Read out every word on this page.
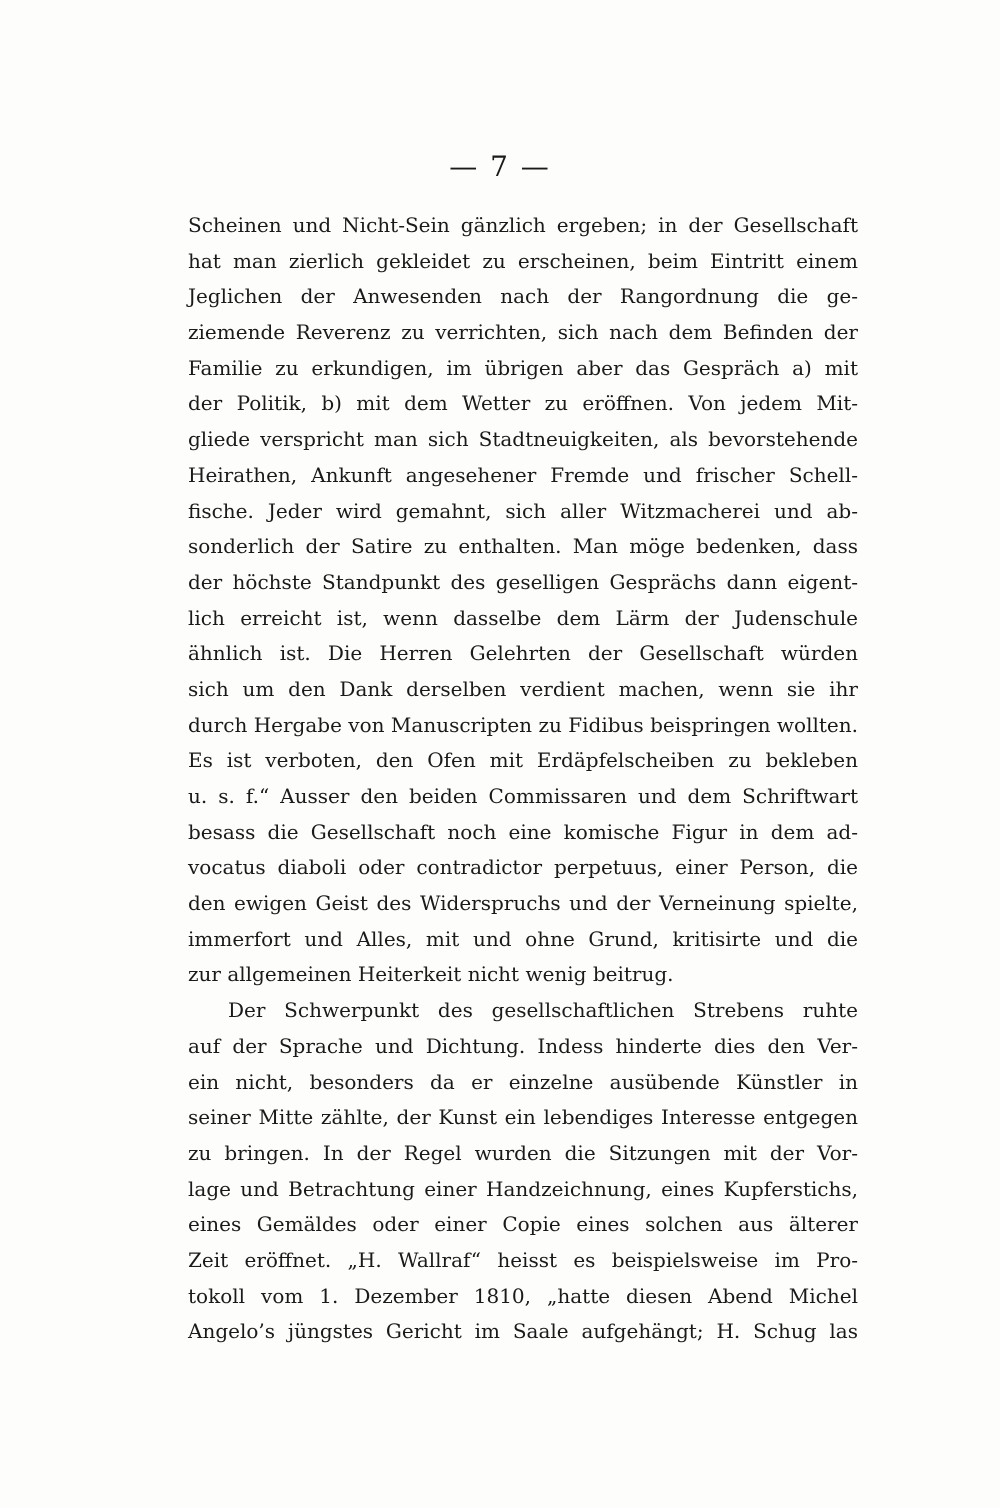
— 7 —
Scheinen und Nicht-Sein gänzlich ergeben; in der Gesellschaft
hat man zierlich gekleidet zu erscheinen, beim Eintritt einem
Jeglichen der Anwesenden nach der Rangordnung die ge-
ziemende Reverenz zu verrichten, sich nach dem Befinden der
Familie zu erkundigen, im übrigen aber das Gespräch a) mit
der Politik, b) mit dem Wetter zu eröffnen. Von jedem Mit-
gliede verspricht man sich Stadtneuigkeiten, als bevorstehende
Heirathen, Ankunft angesehener Fremde und frischer Schell-
fische. Jeder wird gemahnt, sich aller Witzmacherei und ab-
sonderlich der Satire zu enthalten. Man möge bedenken, dass
der höchste Standpunkt des geselligen Gesprächs dann eigent-
lich erreicht ist, wenn dasselbe dem Lärm der Judenschule
ähnlich ist. Die Herren Gelehrten der Gesellschaft würden
sich um den Dank derselben verdient machen, wenn sie ihr
durch Hergabe von Manuscripten zu Fidibus beispringen wollten.
Es ist verboten, den Ofen mit Erdäpfelscheiben zu bekleben
u. s. f.“ Ausser den beiden Commissaren und dem Schriftwart
besass die Gesellschaft noch eine komische Figur in dem ad-
vocatus diaboli oder contradictor perpetuus, einer Person, die
den ewigen Geist des Widerspruchs und der Verneinung spielte,
immerfort und Alles, mit und ohne Grund, kritisirte und die
zur allgemeinen Heiterkeit nicht wenig beitrug.
Der Schwerpunkt des gesellschaftlichen Strebens ruhte
auf der Sprache und Dichtung. Indess hinderte dies den Ver-
ein nicht, besonders da er einzelne ausübende Künstler in
seiner Mitte zählte, der Kunst ein lebendiges Interesse entgegen
zu bringen. In der Regel wurden die Sitzungen mit der Vor-
lage und Betrachtung einer Handzeichnung, eines Kupferstichs,
eines Gemäldes oder einer Copie eines solchen aus älterer
Zeit eröffnet. „H. Wallraf“ heisst es beispielsweise im Pro-
tokoll vom 1. Dezember 1810, „hatte diesen Abend Michel
Angelo’s jüngstes Gericht im Saale aufgehängt; H. Schug las
